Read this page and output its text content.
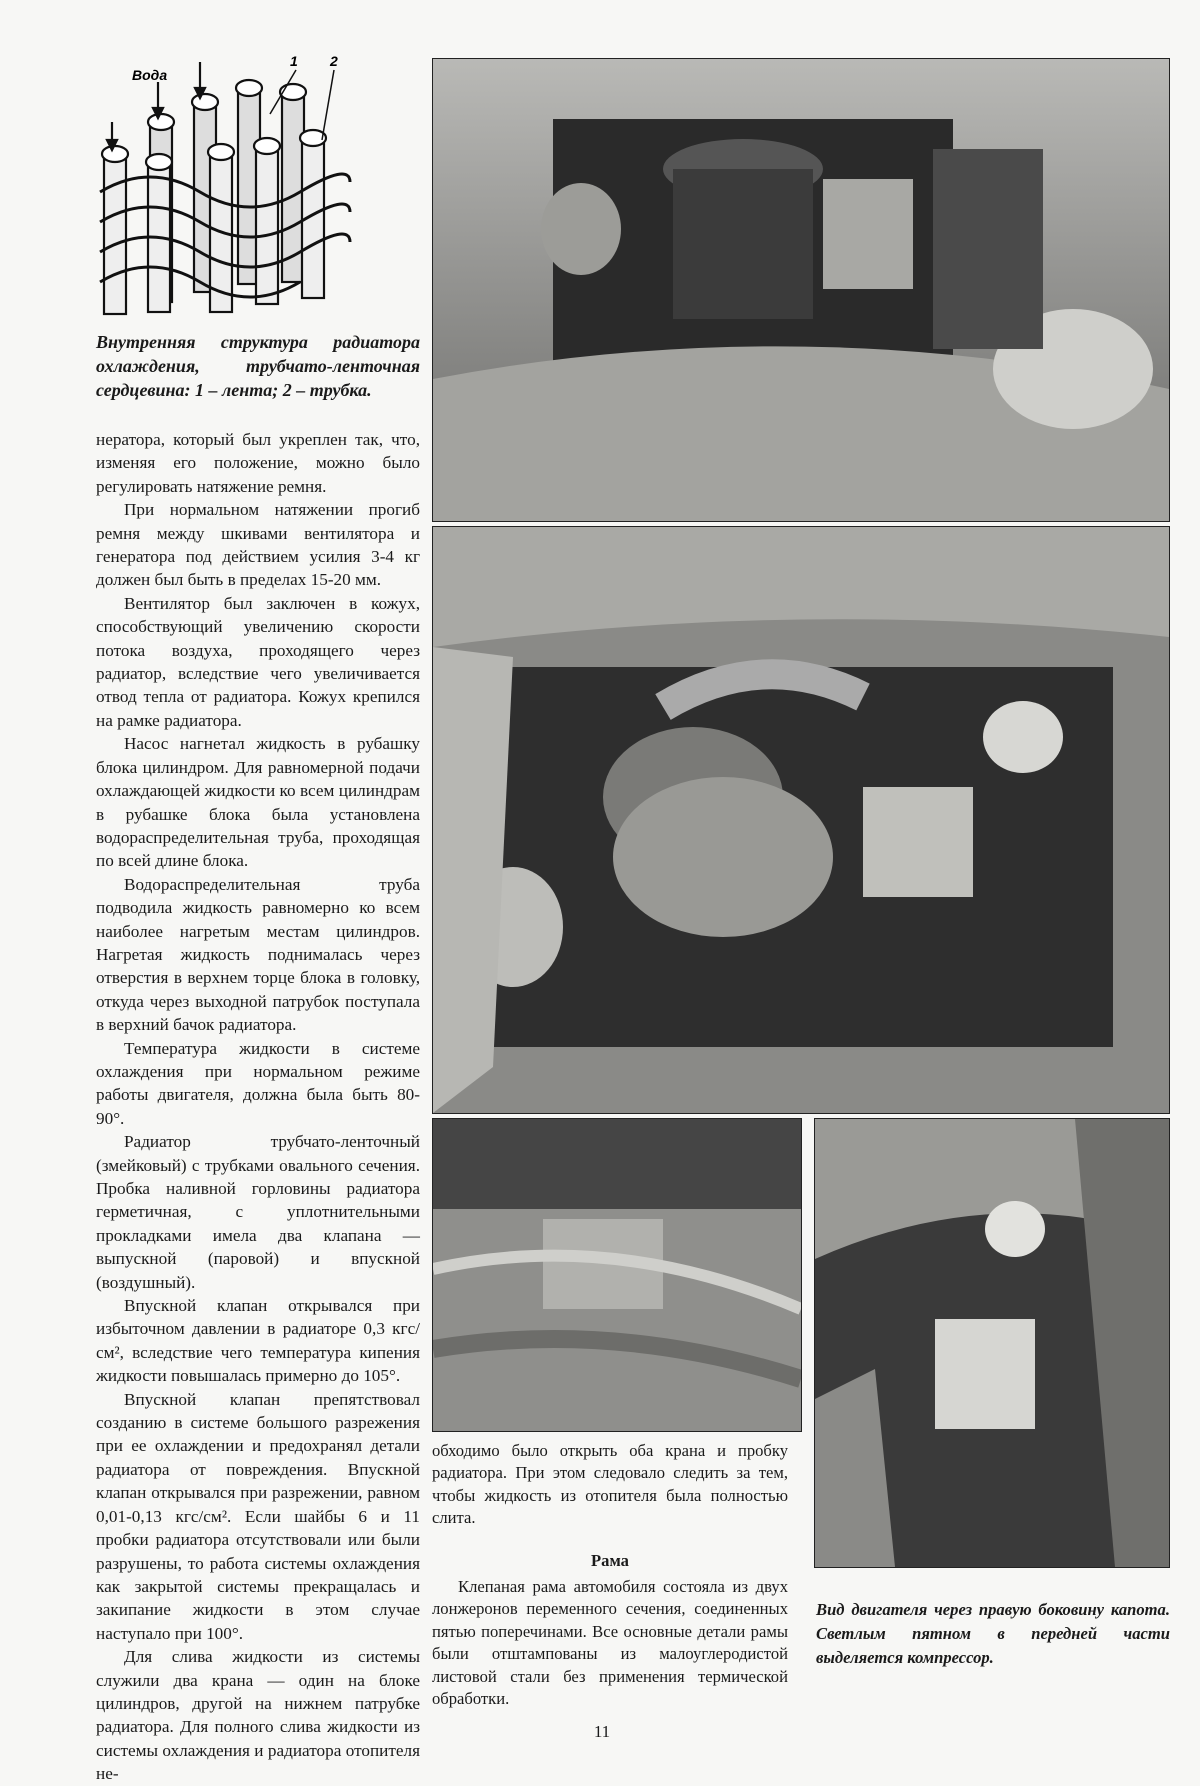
Вода
1 2
Внутренняя структура радиатора охлаждения, трубчато-ленточная сердцевина: 1 – лента; 2 – трубка.

нератора, который был укреплен так, что, изменяя его положение, можно было регулировать натяжение ремня.

При нормальном натяжении прогиб ремня между шкивами вентилятора и генератора под действием усилия 3-4 кг должен был быть в пределах 15-20 мм.

Вентилятор был заключен в кожух, способствующий увеличению скорости потока воздуха, проходящего через радиатор, вследствие чего увеличивается отвод тепла от радиатора. Кожух крепился на рамке радиатора.

Насос нагнетал жидкость в рубашку блока цилиндром. Для равномерной подачи охлаждающей жидкости ко всем цилиндрам в рубашке блока была установлена водораспределительная труба, проходящая по всей длине блока.

Водораспределительная труба подводила жидкость равномерно ко всем наиболее нагретым местам цилиндров. Нагретая жидкость поднималась через отверстия в верхнем торце блока в головку, откуда через выходной патрубок поступала в верхний бачок радиатора.

Температура жидкости в системе охлаждения при нормальном режиме работы двигателя, должна была быть 80-90°.

Радиатор трубчато-ленточный (змейковый) с трубками овального сечения. Пробка наливной горловины радиатора герметичная, с уплотнительными прокладками имела два клапана — выпускной (паровой) и впускной (воздушный).

Впускной клапан открывался при избыточном давлении в радиаторе 0,3 кгс/см², вследствие чего температура кипения жидкости повышалась примерно до 105°.

Впускной клапан препятствовал созданию в системе большого разрежения при ее охлаждении и предохранял детали радиатора от повреждения. Впускной клапан открывался при разрежении, равном 0,01-0,13 кгс/см². Если шайбы 6 и 11 пробки радиатора отсутствовали или были разрушены, то работа системы охлаждения как закрытой системы прекращалась и закипание жидкости в этом случае наступало при 100°.

Для слива жидкости из системы служили два крана — один на блоке цилиндров, другой на нижнем патрубке радиатора. Для полного слива жидкости из системы охлаждения и радиатора отопителя не-

обходимо было открыть оба крана и пробку радиатора. При этом следовало следить за тем, чтобы жидкость из отопителя была полностью слита.

Рама

Клепаная рама автомобиля состояла из двух лонжеронов переменного сечения, соединенных пятью поперечинами. Все основные детали рамы были отштампованы из малоуглеродистой листовой стали без применения термической обработки.

Вид двигателя через правую боковину капота. Светлым пятном в передней части выделяется компрессор.
11
